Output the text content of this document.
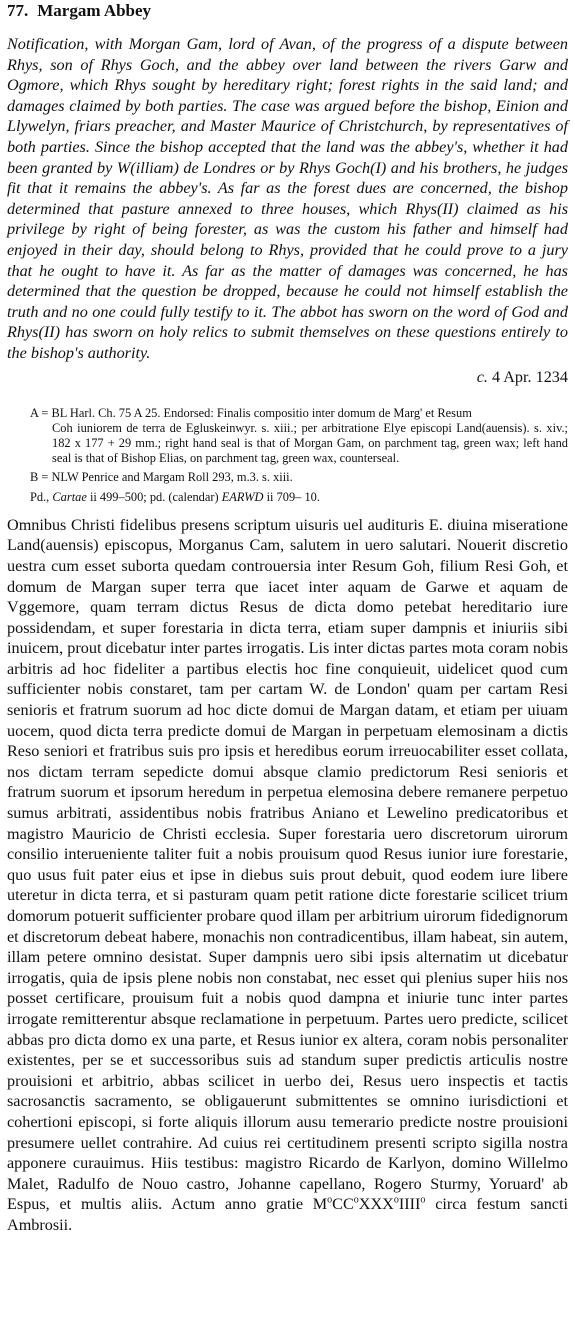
77. Margam Abbey

Notification, with Morgan Gam, lord of Avan, of the progress of a dispute between Rhys, son of Rhys Goch, and the abbey over land between the rivers Garw and Ogmore, which Rhys sought by hereditary right; forest rights in the said land; and damages claimed by both parties. The case was argued before the bishop, Einion and Llywelyn, friars preacher, and Master Maurice of Christchurch, by representatives of both parties. Since the bishop accepted that the land was the abbey's, whether it had been granted by W(illiam) de Londres or by Rhys Goch(I) and his brothers, he judges fit that it remains the abbey's. As far as the forest dues are concerned, the bishop determined that pasture annexed to three houses, which Rhys(II) claimed as his privilege by right of being forester, as was the custom his father and himself had enjoyed in their day, should belong to Rhys, provided that he could prove to a jury that he ought to have it. As far as the matter of damages was concerned, he has determined that the question be dropped, because he could not himself establish the truth and no one could fully testify to it. The abbot has sworn on the word of God and Rhys(II) has sworn on holy relics to submit themselves on these questions entirely to the bishop's authority.

c. 4 Apr. 1234
A = BL Harl. Ch. 75 A 25. Endorsed: Finalis compositio inter domum de Marg' et Resum
Coh iuniorem de terra de Egluskeinwyr. s. xiii.; per arbitratione Elye episcopi Land(auensis). s. xiv.; 182 x 177 + 29 mm.; right hand seal is that of Morgan Gam, on parchment tag, green wax; left hand seal is that of Bishop Elias, on parchment tag, green wax, counterseal.
B = NLW Penrice and Margam Roll 293, m.3. s. xiii.
Pd., Cartae ii 499–500; pd. (calendar) EARWD ii 709– 10.
Omnibus Christi fidelibus presens scriptum uisuris uel audituris E. diuina miseratione Land(auensis) episcopus, Morganus Cam, salutem in uero salutari. Nouerit discretio uestra cum esset suborta quedam controuersia inter Resum Goh, filium Resi Goh, et domum de Margan super terra que iacet inter aquam de Garwe et aquam de Vggemore, quam terram dictus Resus de dicta domo petebat hereditario iure possidendam, et super forestaria in dicta terra, etiam super dampnis et iniuriis sibi inuicem, prout dicebatur inter partes irrogatis. Lis inter dictas partes mota coram nobis arbitris ad hoc fideliter a partibus electis hoc fine conquieuit, uidelicet quod cum sufficienter nobis constaret, tam per cartam W. de London' quam per cartam Resi senioris et fratrum suorum ad hoc dicte domui de Margan datam, et etiam per uiuam uocem, quod dicta terra predicte domui de Margan in perpetuam elemosinam a dictis Reso seniori et fratribus suis pro ipsis et heredibus eorum irreuocabiliter esset collata, nos dictam terram sepedicte domui absque clamio predictorum Resi senioris et fratrum suorum et ipsorum heredum in perpetua elemosina debere remanere perpetuo sumus arbitrati, assidentibus nobis fratribus Aniano et Lewelino predicatoribus et magistro Mauricio de Christi ecclesia. Super forestaria uero discretorum uirorum consilio interueniente taliter fuit a nobis prouisum quod Resus iunior iure forestarie, quo usus fuit pater eius et ipse in diebus suis prout debuit, quod eodem iure libere uteretur in dicta terra, et si pasturam quam petit ratione dicte forestarie scilicet trium domorum potuerit sufficienter probare quod illam per arbitrium uirorum fidedignorum et discretorum debeat habere, monachis non contradicentibus, illam habeat, sin autem, illam petere omnino desistat. Super dampnis uero sibi ipsis alternatim ut dicebatur irrogatis, quia de ipsis plene nobis non constabat, nec esset qui plenius super hiis nos posset certificare, prouisum fuit a nobis quod dampna et iniurie tunc inter partes irrogate remitterentur absque reclamatione in perpetuum. Partes uero predicte, scilicet abbas pro dicta domo ex una parte, et Resus iunior ex altera, coram nobis personaliter existentes, per se et successoribus suis ad standum super predictis articulis nostre prouisioni et arbitrio, abbas scilicet in uerbo dei, Resus uero inspectis et tactis sacrosanctis sacramento, se obligauerunt submittentes se omnino iurisdictioni et cohertioni episcopi, si forte aliquis illorum ausu temerario predicte nostre prouisioni presumere uellet contrahire. Ad cuius rei certitudinem presenti scripto sigilla nostra apponere curauimus. Hiis testibus: magistro Ricardo de Karlyon, domino Willelmo Malet, Radulfo de Nouo castro, Johanne capellano, Rogero Sturmy, Yoruard' ab Espus, et multis aliis. Actum anno gratie $M^oCC^oXXX^oIIII^o$ circa festum sancti Ambrosii.
